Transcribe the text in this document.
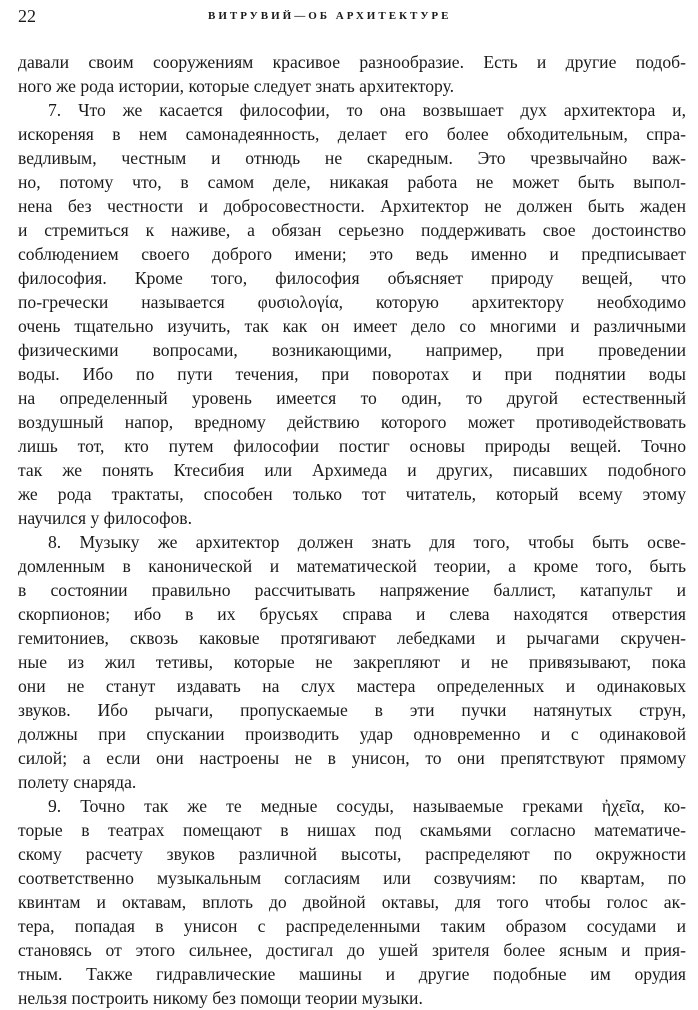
22	ВИТРУВИЙ—ОБ АРХИТЕКТУРЕ
давали своим сооружениям красивое разнообразие. Есть и другие подоб-
ного же рода истории, которые следует знать архитектору.
7. Что же касается философии, то она возвышает дух архитектора и,
искореняя в нем самонадеянность, делает его более обходительным, спра-
ведливым, честным и отнюдь не скаредным. Это чрезвычайно важ-
но, потому что, в самом деле, никакая работа не может быть выпол-
нена без честности и добросовестности. Архитектор не должен быть жаден
и стремиться к наживе, а обязан серьезно поддерживать свое достоинство
соблюдением своего доброго имени; это ведь именно и предписывает
философия. Кроме того, философия объясняет природу вещей, что
по-гречески называется φυσιολογία, которую архитектору необходимо
очень тщательно изучить, так как он имеет дело со многими и различными
физическими вопросами, возникающими, например, при проведении
воды. Ибо по пути течения, при поворотах и при поднятии воды
на определенный уровень имеется то один, то другой естественный
воздушный напор, вредному действию которого может противодействовать
лишь тот, кто путем философии постиг основы природы вещей. Точно
так же понять Ктесибия или Архимеда и других, писавших подобного
же рода трактаты, способен только тот читатель, который всему этому
научился у философов.
8. Музыку же архитектор должен знать для того, чтобы быть осве-
домленным в канонической и математической теории, а кроме того, быть
в состоянии правильно рассчитывать напряжение баллист, катапульт и
скорпионов; ибо в их брусьях справа и слева находятся отверстия
гемитониев, сквозь каковые протягивают лебедками и рычагами скручен-
ные из жил тетивы, которые не закрепляют и не привязывают, пока
они не станут издавать на слух мастера определенных и одинаковых
звуков. Ибо рычаги, пропускаемые в эти пучки натянутых струн,
должны при спускании производить удар одновременно и с одинаковой
силой; а если они настроены не в унисон, то они препятствуют прямому
полету снаряда.
9. Точно так же те медные сосуды, называемые греками ἠχεῖα, ко-
торые в театрах помещают в нишах под скамьями согласно математиче-
скому расчету звуков различной высоты, распределяют по окружности
соответственно музыкальным согласиям или созвучиям: по квартам, по
квинтам и октавам, вплоть до двойной октавы, для того чтобы голос ак-
тера, попадая в унисон с распределенными таким образом сосудами и
становясь от этого сильнее, достигал до ушей зрителя более ясным и прия-
тным. Также гидравлические машины и другие подобные им орудия
нельзя построить никому без помощи теории музыки.
